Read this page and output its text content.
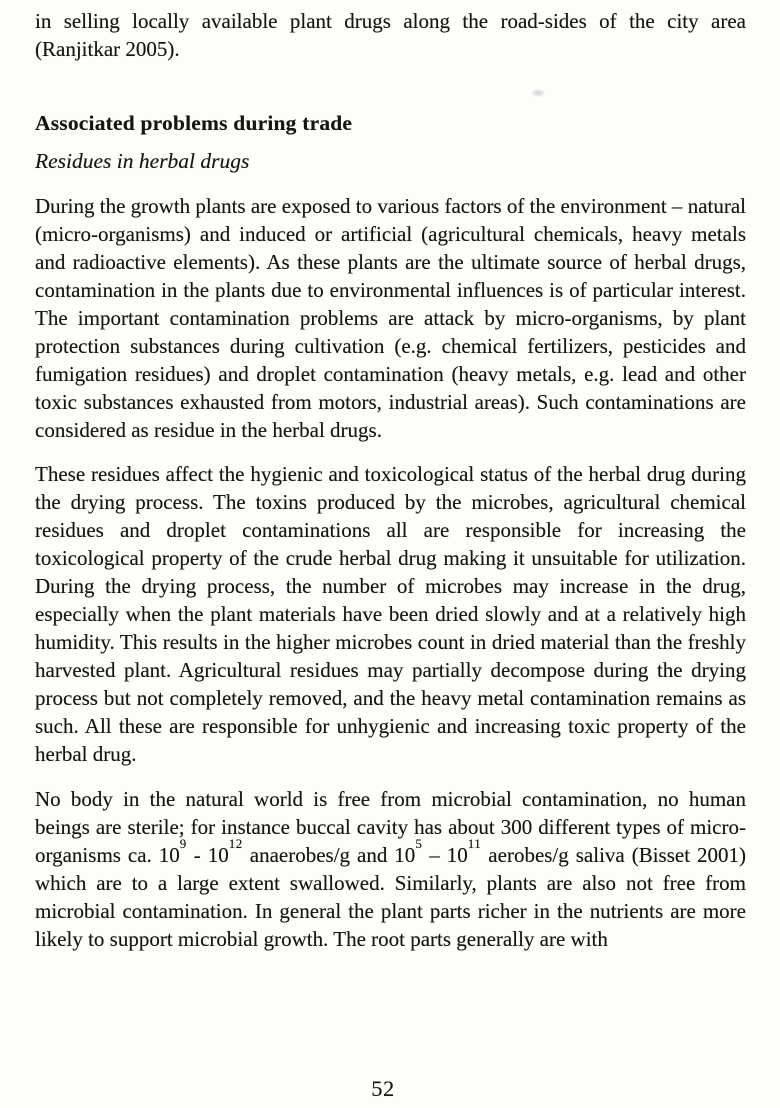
in selling locally available plant drugs along the road-sides of the city area (Ranjitkar 2005).

Associated problems during trade
Residues in herbal drugs

During the growth plants are exposed to various factors of the environment – natural (micro-organisms) and induced or artificial (agricultural chemicals, heavy metals and radioactive elements). As these plants are the ultimate source of herbal drugs, contamination in the plants due to environmental influences is of particular interest. The important contamination problems are attack by micro-organisms, by plant protection substances during cultivation (e.g. chemical fertilizers, pesticides and fumigation residues) and droplet contamination (heavy metals, e.g. lead and other toxic substances exhausted from motors, industrial areas). Such contaminations are considered as residue in the herbal drugs.

These residues affect the hygienic and toxicological status of the herbal drug during the drying process. The toxins produced by the microbes, agricultural chemical residues and droplet contaminations all are responsible for increasing the toxicological property of the crude herbal drug making it unsuitable for utilization. During the drying process, the number of microbes may increase in the drug, especially when the plant materials have been dried slowly and at a relatively high humidity. This results in the higher microbes count in dried material than the freshly harvested plant. Agricultural residues may partially decompose during the drying process but not completely removed, and the heavy metal contamination remains as such. All these are responsible for unhygienic and increasing toxic property of the herbal drug.

No body in the natural world is free from microbial contamination, no human beings are sterile; for instance buccal cavity has about 300 different types of micro-organisms ca. $10^9 - 10^{12}$ anaerobes/g and $10^5 - 10^{11}$ aerobes/g saliva (Bisset 2001) which are to a large extent swallowed. Similarly, plants are also not free from microbial contamination. In general the plant parts richer in the nutrients are more likely to support microbial growth. The root parts generally are with

52
